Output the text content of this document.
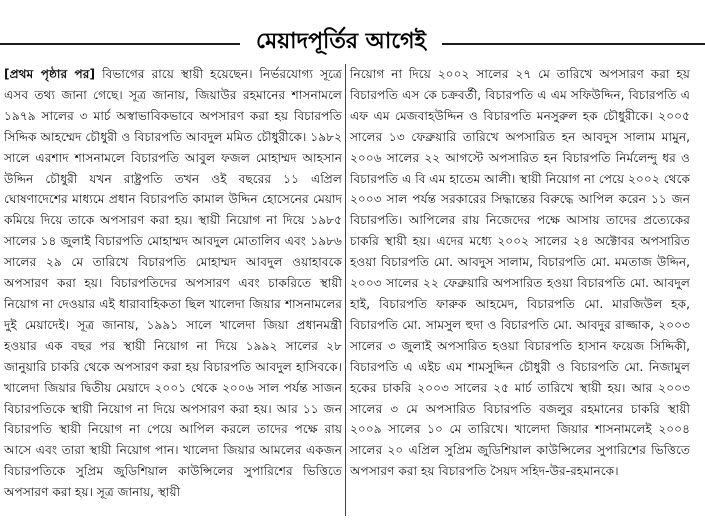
মেয়াদপূর্তির আগেই

[প্রথম পৃষ্ঠার পর] বিভাগের রায়ে স্থায়ী হয়েছেন। নির্ভরযোগ্য সূত্রে এসব তথ্য জানা গেছে। সূত্র জানায়, জিয়াউর রহমানের শাসনামলে ১৯৭৯ সালের ৩ মার্চ অস্বাভাবিকভাবে অপসারণ করা হয় বিচারপতি সিদ্দিক আহম্মেদ চৌধুরী ও বিচারপতি আবদুল মমিত চৌধুরীকে। ১৯৮২ সালে এরশাদ শাসনামলে বিচারপতি আবুল ফজল মোহাম্মদ আহসান উদ্দিন চৌধুরী যখন রাষ্ট্রপতি তখন ওই বছরের ১১ এপ্রিল ঘোষণাদেশের মাধ্যমে প্রধান বিচারপতি কামাল উদ্দিন হোসেনের মেয়াদ কমিয়ে দিয়ে তাকে অপসারণ করা হয়। স্থায়ী নিয়োগ না দিয়ে ১৯৮৫ সালের ১৪ জুলাই বিচারপতি মোহাম্মদ আবদুল মোতালিব এবং ১৯৮৬ সালের ২৯ মে তারিখে বিচারপতি মোহাম্মদ আবদুল ওয়াহাবকে অপসারণ করা হয়। বিচারপতিদের অপসারণ এবং চাকরিতে স্থায়ী নিয়োগ না দেওয়ার এই ধারাবাহিকতা ছিল খালেদা জিয়ার শাসনামলের দুই মেয়াদেই। সূত্র জানায়, ১৯৯১ সালে খালেদা জিয়া প্রধানমন্ত্রী হওয়ার এক বছর পর স্থায়ী নিয়োগ না দিয়ে ১৯৯২ সালের ২৮ জানুয়ারি চাকরি থেকে অপসারণ করা হয় বিচারপতি আবদুল হাসিবকে। খালেদা জিয়ার দ্বিতীয় মেয়াদে ২০০১ থেকে ২০০৬ সাল পর্যন্ত সাজন বিচারপতিকে স্থায়ী নিয়োগ না দিয়ে অপসারণ করা হয়। আর ১১ জন বিচারপতি স্থায়ী নিয়োগ না পেয়ে আপিল করলে তাদের পক্ষে রায় আসে এবং তারা স্থায়ী নিয়োগ পান। খালেদা জিয়ার আমলের একজন বিচারপতিকে সুপ্রিম জুডিশিয়াল কাউন্সিলের সুপারিশের ভিত্তিতে অপসারণ করা হয়। সূত্র জানায়, স্থায়ী

নিয়োগ না দিয়ে ২০০২ সালের ২৭ মে তারিখে অপসারণ করা হয় বিচারপতি এস কে চক্রবর্তী, বিচারপতি এ এম সফিউদ্দিন, বিচারপতি এ এফ এম মেজবাহউদ্দিন ও বিচারপতি মনসুরুল হক চৌধুরীকে। ২০০৫ সালের ১৩ ফেব্রুয়ারি তারিখে অপসারিত হন আবদুস সালাম মামুন, ২০০৬ সালের ২২ আগস্টে অপসারিত হন বিচারপতি নির্মলেন্দু ধর ও বিচারপতি এ বি এম হাতেম আলী। স্থায়ী নিয়োগ না পেয়ে ২০০২ থেকে ২০০৩ সাল পর্যন্ত সরকারের সিদ্ধান্তের বিরুদ্ধে আপিল করেন ১১ জন বিচারপতি। আপিলের রায় নিজেদের পক্ষে আসায় তাদের প্রত্যেকের চাকরি স্থায়ী হয়। এদের মধ্যে ২০০২ সালের ২৪ অক্টোবর অপসারিত হওয়া বিচারপতি মো. আবদুস সালাম, বিচারপতি মো. মমতাজ উদ্দিন, ২০০৩ সালের ২২ ফেব্রুয়ারি অপসারিত হওয়া বিচারপতি মো. আবদুল হাই, বিচারপতি ফারুক আহমেদ, বিচারপতি মো. মারজিউল হক, বিচারপতি মো. সামসুল হুদা ও বিচারপতি মো. আবদুর রাজ্জাক, ২০০৩ সালের ৩ জুলাই অপসারিত হওয়া বিচারপতি হাসান ফয়েজ সিদ্দিকী, বিচারপতি এ এইচ এম শামসুদ্দিন চৌধুরী ও বিচারপতি মো. নিজামুল হকের চাকরি ২০০৩ সালের ২৫ মার্চ তারিখে স্থায়ী হয়। আর ২০০৩ সালের ৩ মে অপসারিত বিচারপতি বজলুর রহমানের চাকরি স্থায়ী ২০০৯ সালের ১০ মে তারিখে। খালেদা জিয়ার শাসনামলেই ২০০৪ সালের ২০ এপ্রিল সুপ্রিম জুডিশিয়াল কাউন্সিলের সুপারিশের ভিত্তিতে অপসারণ করা হয় বিচারপতি সৈয়দ সহিদ-উর-রহমানকে।
